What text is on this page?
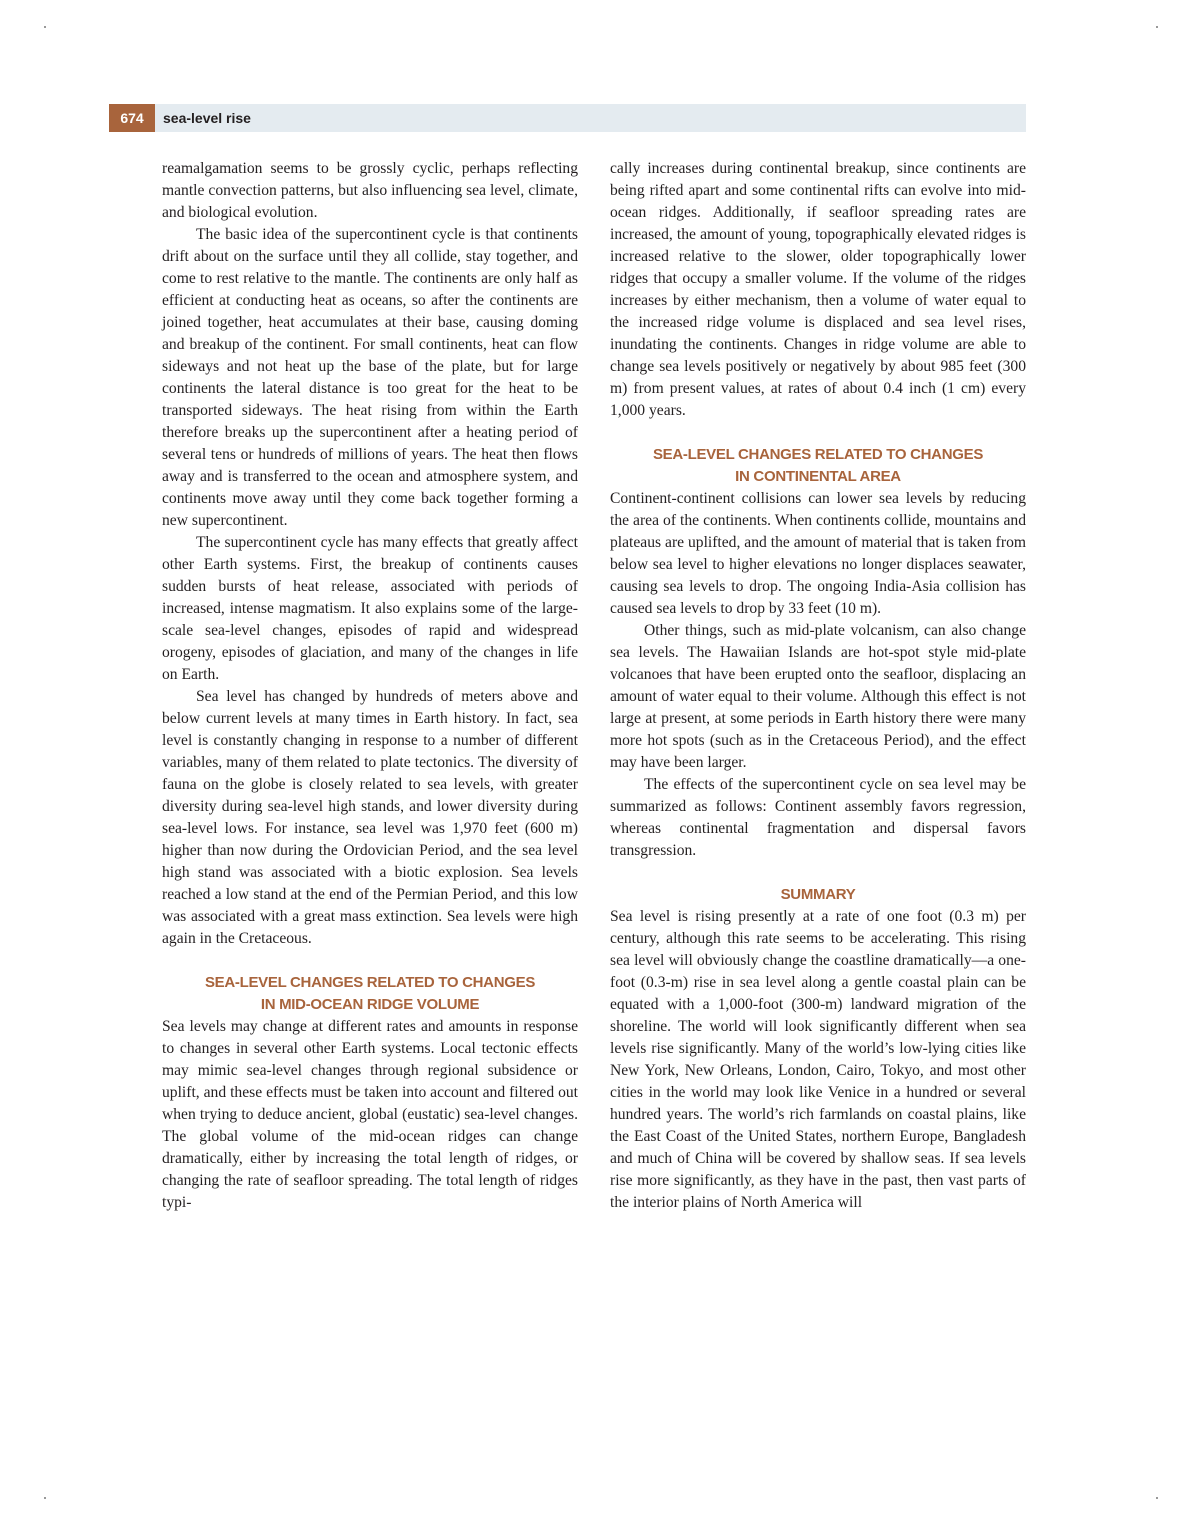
674	sea-level rise

reamalgamation seems to be grossly cyclic, perhaps reflecting mantle convection patterns, but also influencing sea level, climate, and biological evolution.

The basic idea of the supercontinent cycle is that continents drift about on the surface until they all collide, stay together, and come to rest relative to the mantle. The continents are only half as efficient at conducting heat as oceans, so after the continents are joined together, heat accumulates at their base, causing doming and breakup of the continent. For small continents, heat can flow sideways and not heat up the base of the plate, but for large continents the lateral distance is too great for the heat to be transported sideways. The heat rising from within the Earth therefore breaks up the supercontinent after a heating period of several tens or hundreds of millions of years. The heat then flows away and is transferred to the ocean and atmosphere system, and continents move away until they come back together forming a new supercontinent.

The supercontinent cycle has many effects that greatly affect other Earth systems. First, the breakup of continents causes sudden bursts of heat release, associated with periods of increased, intense magmatism. It also explains some of the large-scale sea-level changes, episodes of rapid and widespread orogeny, episodes of glaciation, and many of the changes in life on Earth.

Sea level has changed by hundreds of meters above and below current levels at many times in Earth history. In fact, sea level is constantly changing in response to a number of different variables, many of them related to plate tectonics. The diversity of fauna on the globe is closely related to sea levels, with greater diversity during sea-level high stands, and lower diversity during sea-level lows. For instance, sea level was 1,970 feet (600 m) higher than now during the Ordovician Period, and the sea level high stand was associated with a biotic explosion. Sea levels reached a low stand at the end of the Permian Period, and this low was associated with a great mass extinction. Sea levels were high again in the Cretaceous.

SEA-LEVEL CHANGES RELATED TO CHANGES
IN MID-OCEAN RIDGE VOLUME

Sea levels may change at different rates and amounts in response to changes in several other Earth systems. Local tectonic effects may mimic sea-level changes through regional subsidence or uplift, and these effects must be taken into account and filtered out when trying to deduce ancient, global (eustatic) sea-level changes. The global volume of the mid-ocean ridges can change dramatically, either by increasing the total length of ridges, or changing the rate of seafloor spreading. The total length of ridges typi-

cally increases during continental breakup, since continents are being rifted apart and some continental rifts can evolve into mid-ocean ridges. Additionally, if seafloor spreading rates are increased, the amount of young, topographically elevated ridges is increased relative to the slower, older topographically lower ridges that occupy a smaller volume. If the volume of the ridges increases by either mechanism, then a volume of water equal to the increased ridge volume is displaced and sea level rises, inundating the continents. Changes in ridge volume are able to change sea levels positively or negatively by about 985 feet (300 m) from present values, at rates of about 0.4 inch (1 cm) every 1,000 years.

SEA-LEVEL CHANGES RELATED TO CHANGES
IN CONTINENTAL AREA

Continent-continent collisions can lower sea levels by reducing the area of the continents. When continents collide, mountains and plateaus are uplifted, and the amount of material that is taken from below sea level to higher elevations no longer displaces seawater, causing sea levels to drop. The ongoing India-Asia collision has caused sea levels to drop by 33 feet (10 m).

Other things, such as mid-plate volcanism, can also change sea levels. The Hawaiian Islands are hot-spot style mid-plate volcanoes that have been erupted onto the seafloor, displacing an amount of water equal to their volume. Although this effect is not large at present, at some periods in Earth history there were many more hot spots (such as in the Cretaceous Period), and the effect may have been larger.

The effects of the supercontinent cycle on sea level may be summarized as follows: Continent assembly favors regression, whereas continental fragmentation and dispersal favors transgression.

SUMMARY

Sea level is rising presently at a rate of one foot (0.3 m) per century, although this rate seems to be accelerating. This rising sea level will obviously change the coastline dramatically—a one-foot (0.3-m) rise in sea level along a gentle coastal plain can be equated with a 1,000-foot (300-m) landward migration of the shoreline. The world will look significantly different when sea levels rise significantly. Many of the world’s low-lying cities like New York, New Orleans, London, Cairo, Tokyo, and most other cities in the world may look like Venice in a hundred or several hundred years. The world’s rich farmlands on coastal plains, like the East Coast of the United States, northern Europe, Bangladesh and much of China will be covered by shallow seas. If sea levels rise more significantly, as they have in the past, then vast parts of the interior plains of North America will
